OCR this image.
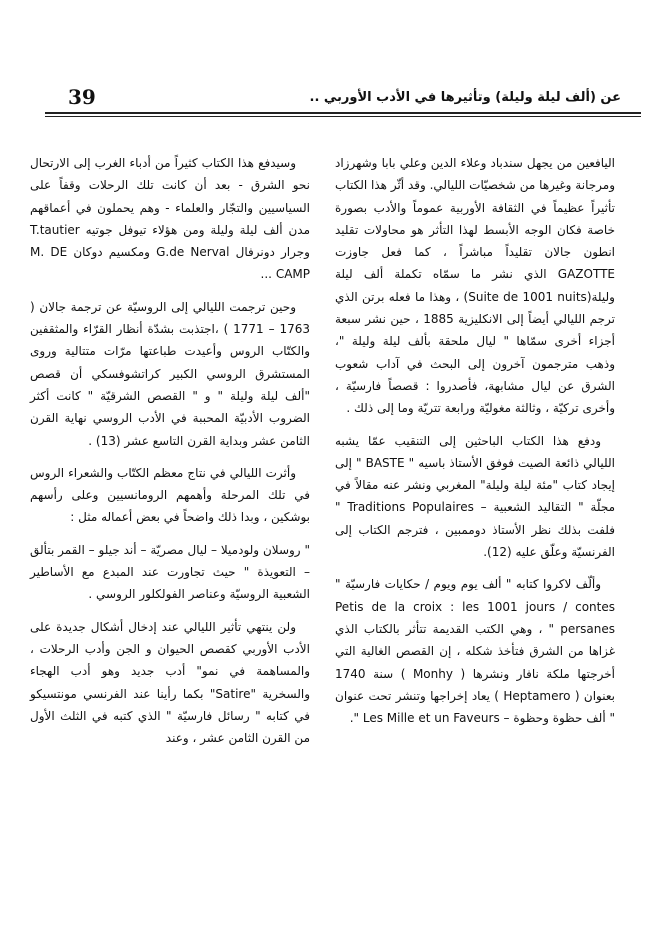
39	عن (ألف ليلة وليلة) وتأثيرها في الأدب الأوربي ..

اليافعين من يجهل سندباد وعلاء الدين وعلي بابا وشهرزاد ومرجانة وغيرها من شخصيّات الليالي. وقد أثّر هذا الكتاب تأثيراً عظيماً في الثقافة الأوربية عموماً والأدب بصورة خاصة فكان الوجه الأبسط لهذا التأثر هو محاولات تقليد انطون جالان تقليداً مباشراً ، كما فعل جاوزت GAZOTTE الذي نشر ما سمّاه تكملة ألف ليلة وليلة(Suite de 1001 nuits) ، وهذا ما فعله برتن الذي ترجم الليالي أيضاً إلى الانكليزية 1885 ، حين نشر سبعة أجزاء أخرى سمّاها " ليال ملحقة بألف ليلة وليلة "، وذهب مترجمون آخرون إلى البحث في آداب شعوب الشرق عن ليال مشابهة، فأصدروا : قصصاً فارسيّة ، وأخرى تركيّة ، وثالثة مغوليّة ورابعة تتريّة وما إلى ذلك .

ودفع هذا الكتاب الباحثين إلى التنقيب عمّا يشبه الليالي ذائعة الصيت فوفق الأستاذ باسيه " BASTE " إلى إيجاد كتاب "مئة ليلة وليلة" المغربي ونشر عنه مقالاً في مجلّة " التقاليد الشعبية – Traditions Populaires " فلفت بذلك نظر الأستاذ دوممبين ، فترجم الكتاب إلى الفرنسيّة وعلّق عليه (12).

وألّف لاكروا كتابه " ألف يوم ويوم / حكايات فارسيّة " Petis de la croix : les 1001 jours / contes persanes " ، وهي الكتب القديمة تتأثر بالكتاب الذي غزاها من الشرق فتأخذ شكله ، إن القصص الغالية التي أخرجتها ملكة نافار ونشرها ( Monhy ) سنة 1740 بعنوان ( Heptamero ) يعاد إخراجها وتنشر تحت عنوان " ألف حظوة وحظوة – Les Mille et un Faveurs ".

وسيدفع هذا الكتاب كثيراً من أدباء الغرب إلى الارتحال نحو الشرق - بعد أن كانت تلك الرحلات وقفاً على السياسيين والتجّار والعلماء - وهم يحملون في أعماقهم مدن ألف ليلة وليلة ومن هؤلاء تيوفل جوتيه T.tautier وجرار دونرفال G.de Nerval ومكسيم دوكان M. DE CAMP ...

وحين ترجمت الليالي إلى الروسيّة عن ترجمة جالان ( 1763 – 1771 ) ،اجتذبت بشدّة أنظار القرّاء والمثقفين والكتّاب الروس وأعيدت طباعتها مرّات متتالية وروى المستشرق الروسي الكبير كراتشوفسكي أن قصص "ألف ليلة وليلة " و " القصص الشرقيّة " كانت أكثر الضروب الأدبيّة المحببة في الأدب الروسي نهاية القرن الثامن عشر وبداية القرن التاسع عشر (13) .

وأثرت الليالي في نتاج معظم الكتّاب والشعراء الروس في تلك المرحلة وأهمهم الرومانسيين وعلى رأسهم بوشكين ، وبدا ذلك واضحاً في بعض أعماله مثل :

" روسلان ولودميلا – ليال مصريّة – أند جيلو – القمر بتألق – التعويذة " حيث تجاورت عند المبدع مع الأساطير الشعبية الروسيّة وعناصر الفولكلور الروسي .

ولن ينتهي تأثير الليالي عند إدخال أشكال جديدة على الأدب الأوربي كقصص الحيوان و الجن وأدب الرحلات ، والمساهمة في نمو" أدب جديد وهو أدب الهجاء والسخرية "Satire" بكما رأينا عند الفرنسي مونتسيكو في كتابه " رسائل فارسيّة " الذي كتبه في الثلث الأول من القرن الثامن عشر ، وعند
